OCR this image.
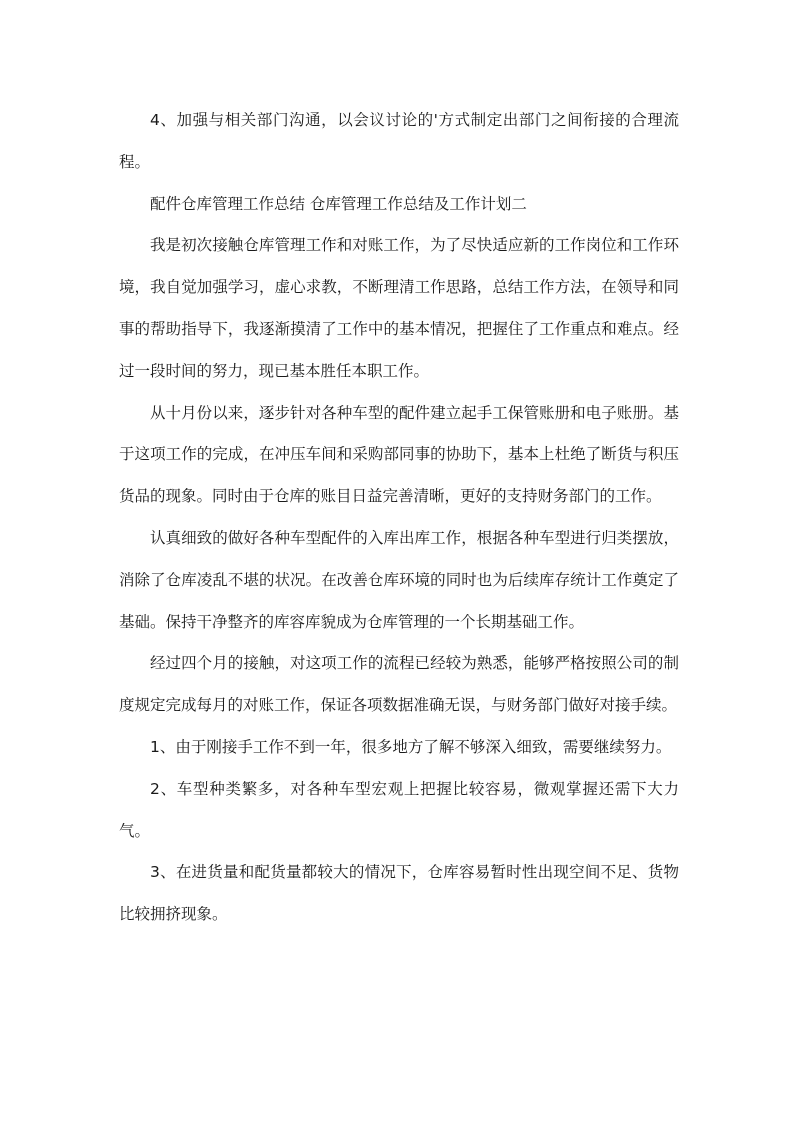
4、加强与相关部门沟通，以会议讨论的'方式制定出部门之间衔接的合理流程。

配件仓库管理工作总结 仓库管理工作总结及工作计划二

我是初次接触仓库管理工作和对账工作，为了尽快适应新的工作岗位和工作环境，我自觉加强学习，虚心求教，不断理清工作思路，总结工作方法，在领导和同事的帮助指导下，我逐渐摸清了工作中的基本情况，把握住了工作重点和难点。经过一段时间的努力，现已基本胜任本职工作。

从十月份以来，逐步针对各种车型的配件建立起手工保管账册和电子账册。基于这项工作的完成，在冲压车间和采购部同事的协助下，基本上杜绝了断货与积压货品的现象。同时由于仓库的账目日益完善清晰，更好的支持财务部门的工作。

认真细致的做好各种车型配件的入库出库工作，根据各种车型进行归类摆放，消除了仓库凌乱不堪的状况。在改善仓库环境的同时也为后续库存统计工作奠定了基础。保持干净整齐的库容库貌成为仓库管理的一个长期基础工作。

经过四个月的接触，对这项工作的流程已经较为熟悉，能够严格按照公司的制度规定完成每月的对账工作，保证各项数据准确无误，与财务部门做好对接手续。

1、由于刚接手工作不到一年，很多地方了解不够深入细致，需要继续努力。

2、车型种类繁多，对各种车型宏观上把握比较容易，微观掌握还需下大力气。

3、在进货量和配货量都较大的情况下，仓库容易暂时性出现空间不足、货物比较拥挤现象。
